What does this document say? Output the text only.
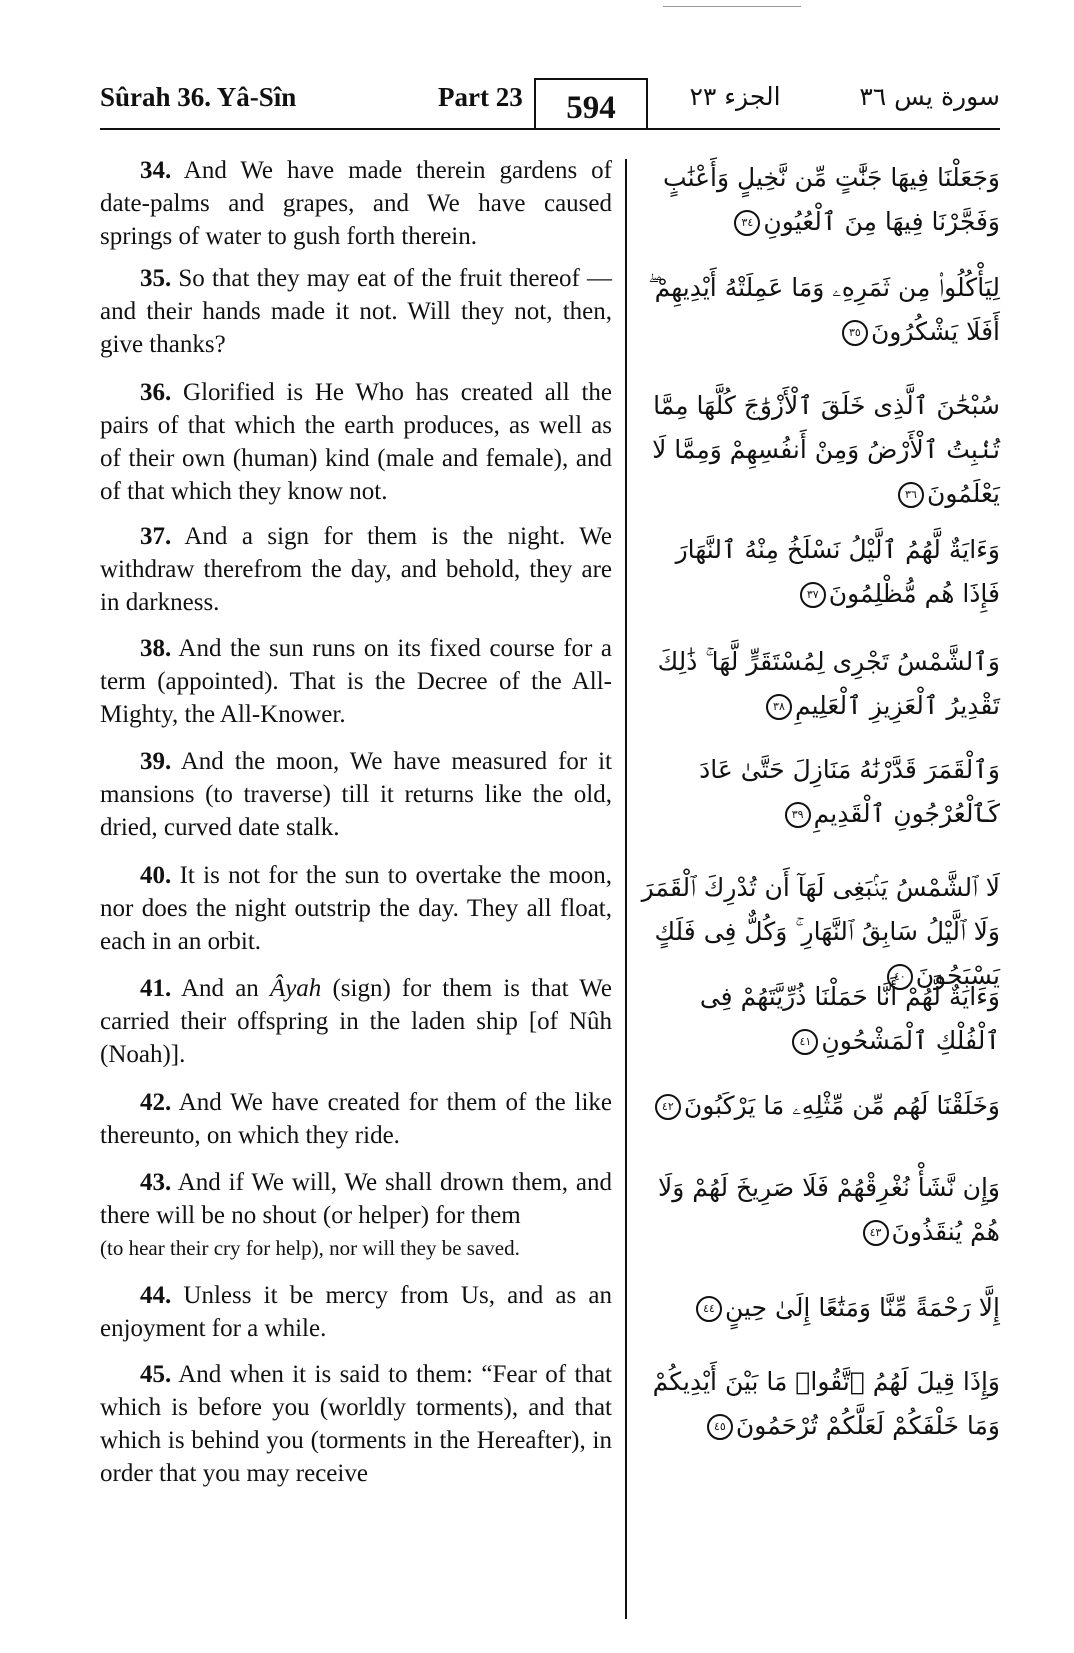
Sûrah 36. Yâ-Sîn	Part 23	594	الجزء ٢٣	سورة يس ٣٦
34. And We have made therein gardens of date-palms and grapes, and We have caused springs of water to gush forth therein.
وَجَعَلْنَا فِيهَا جَنَّٰتٍ مِّن نَّخِيلٍ وَأَعْنَٰبٍ وَفَجَّرْنَا فِيهَا مِنَ ٱلْعُيُونِ٣٤
35. So that they may eat of the fruit thereof — and their hands made it not. Will they not, then, give thanks?
لِيَأْكُلُوا۟ مِن ثَمَرِهِۦ وَمَا عَمِلَتْهُ أَيْدِيهِمْ ۖ أَفَلَا يَشْكُرُونَ٣٥
36. Glorified is He Who has created all the pairs of that which the earth produces, as well as of their own (human) kind (male and female), and of that which they know not.
سُبْحَٰنَ ٱلَّذِى خَلَقَ ٱلْأَزْوَٰجَ كُلَّهَا مِمَّا تُنۢبِتُ ٱلْأَرْضُ وَمِنْ أَنفُسِهِمْ وَمِمَّا لَا يَعْلَمُونَ٣٦
37. And a sign for them is the night. We withdraw therefrom the day, and behold, they are in darkness.
وَءَايَةٌ لَّهُمُ ٱلَّيْلُ نَسْلَخُ مِنْهُ ٱلنَّهَارَ فَإِذَا هُم مُّظْلِمُونَ٣٧
38. And the sun runs on its fixed course for a term (appointed). That is the Decree of the All-Mighty, the All-Knower.
وَٱلشَّمْسُ تَجْرِى لِمُسْتَقَرٍّ لَّهَا ۚ ذَٰلِكَ تَقْدِيرُ ٱلْعَزِيزِ ٱلْعَلِيمِ٣٨
39. And the moon, We have measured for it mansions (to traverse) till it returns like the old, dried, curved date stalk.
وَٱلْقَمَرَ قَدَّرْنَٰهُ مَنَازِلَ حَتَّىٰ عَادَ كَٱلْعُرْجُونِ ٱلْقَدِيمِ٣٩
40. It is not for the sun to overtake the moon, nor does the night outstrip the day. They all float, each in an orbit.
لَا ٱلشَّمْسُ يَنۢبَغِى لَهَآ أَن تُدْرِكَ ٱلْقَمَرَ وَلَا ٱلَّيْلُ سَابِقُ ٱلنَّهَارِ ۚ وَكُلٌّ فِى فَلَكٍ يَسْبَحُونَ٤٠
41. And an Âyah (sign) for them is that We carried their offspring in the laden ship [of Nûh (Noah)].
وَءَايَةٌ لَّهُمْ أَنَّا حَمَلْنَا ذُرِّيَّتَهُمْ فِى ٱلْفُلْكِ ٱلْمَشْحُونِ٤١
42. And We have created for them of the like thereunto, on which they ride.
وَخَلَقْنَا لَهُم مِّن مِّثْلِهِۦ مَا يَرْكَبُونَ٤٢
43. And if We will, We shall drown them, and there will be no shout (or helper) for them
(to hear their cry for help), nor will they be saved.
وَإِن نَّشَأْ نُغْرِقْهُمْ فَلَا صَرِيخَ لَهُمْ وَلَا هُمْ يُنقَذُونَ٤٣
44. Unless it be mercy from Us, and as an enjoyment for a while.
إِلَّا رَحْمَةً مِّنَّا وَمَتَٰعًا إِلَىٰ حِينٍ٤٤
45. And when it is said to them: “Fear of that which is before you (worldly torments), and that which is behind you (torments in the Hereafter), in order that you may receive
وَإِذَا قِيلَ لَهُمُ ٱتَّقُوا۟ مَا بَيْنَ أَيْدِيكُمْ وَمَا خَلْفَكُمْ لَعَلَّكُمْ تُرْحَمُونَ٤٥
